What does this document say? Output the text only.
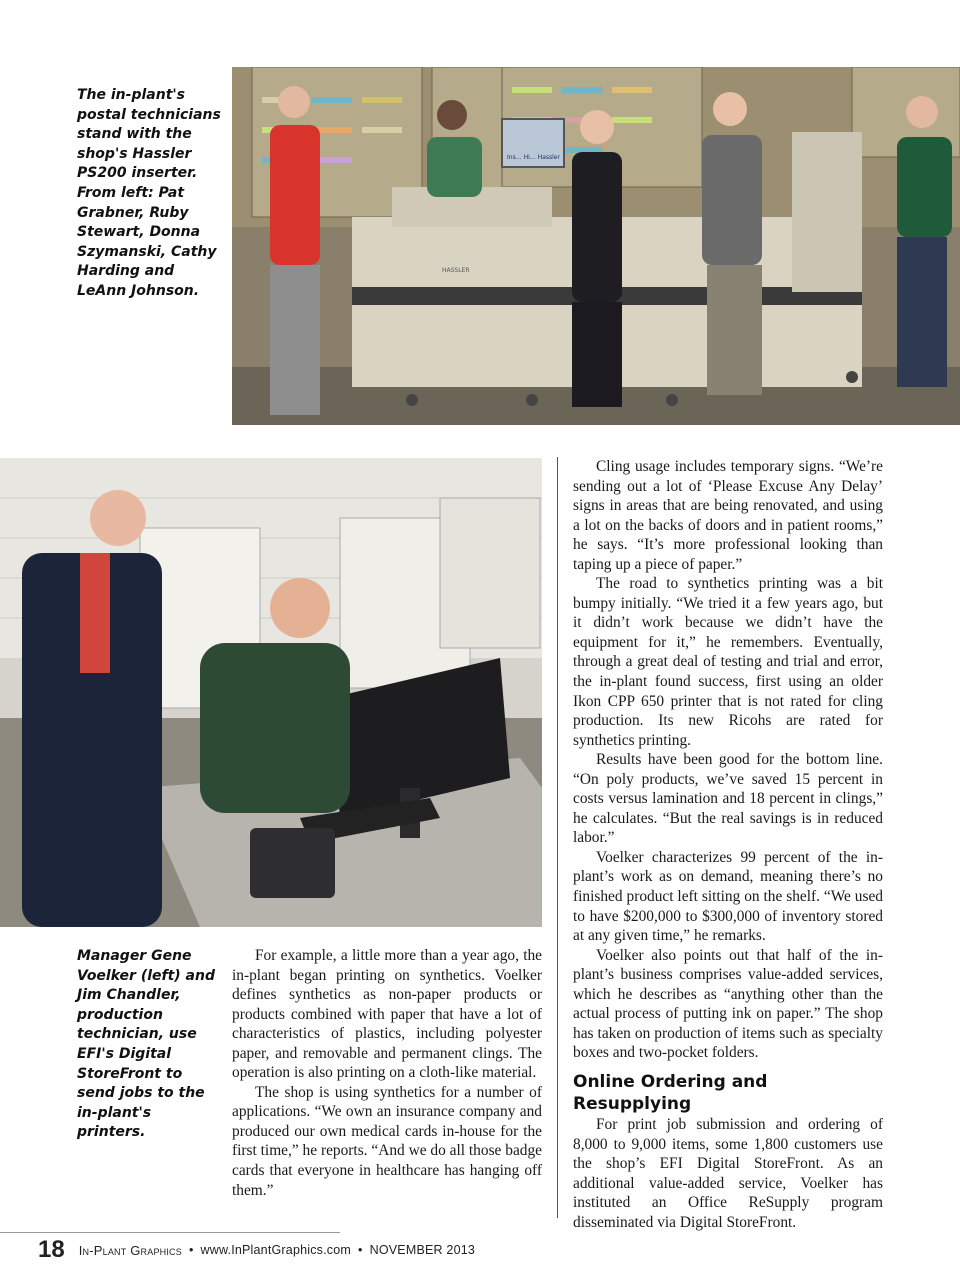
The in-plant's postal technicians stand with the shop's Hassler PS200 inserter. From left: Pat Grabner, Ruby Stewart, Donna Szymanski, Cathy Harding and LeAnn Johnson.
Ins… Hi… Hassler
HASSLER
Manager Gene Voelker (left) and Jim Chandler, production technician, use EFI's Digital StoreFront to send jobs to the in-plant's printers.

For example, a little more than a year ago, the in-plant began printing on synthetics. Voelker defines synthetics as non-paper products or products combined with paper that have a lot of characteristics of plastics, including polyester paper, and removable and permanent clings. The operation is also printing on a cloth-like material.

The shop is using synthetics for a number of applications. “We own an insurance company and produced our own medical cards in-house for the first time,” he reports. “And we do all those badge cards that everyone in healthcare has hanging off them.”

Cling usage includes temporary signs. “We’re sending out a lot of ‘Please Excuse Any Delay’ signs in areas that are being renovated, and using a lot on the backs of doors and in patient rooms,” he says. “It’s more professional looking than taping up a piece of paper.”

The road to synthetics printing was a bit bumpy initially. “We tried it a few years ago, but it didn’t work because we didn’t have the equipment for it,” he remembers. Eventually, through a great deal of testing and trial and error, the in-plant found success, first using an older Ikon CPP 650 printer that is not rated for cling production. Its new Ricohs are rated for synthetics printing.

Results have been good for the bottom line. “On poly products, we’ve saved 15 percent in costs versus lamination and 18 percent in clings,” he calculates. “But the real savings is in reduced labor.”

Voelker characterizes 99 percent of the in-plant’s work as on demand, meaning there’s no finished product left sitting on the shelf. “We used to have $200,000 to $300,000 of inventory stored at any given time,” he remarks.

Voelker also points out that half of the in-plant’s business comprises value-added services, which he describes as “anything other than the actual process of putting ink on paper.” The shop has taken on production of items such as specialty boxes and two-pocket folders.

Online Ordering and Resupplying

For print job submission and ordering of 8,000 to 9,000 items, some 1,800 customers use the shop’s EFI Digital StoreFront. As an additional value-added service, Voelker has instituted an Office ReSupply program disseminated via Digital StoreFront.

18 In-Plant Graphics • www.InPlantGraphics.com • NOVEMBER 2013
